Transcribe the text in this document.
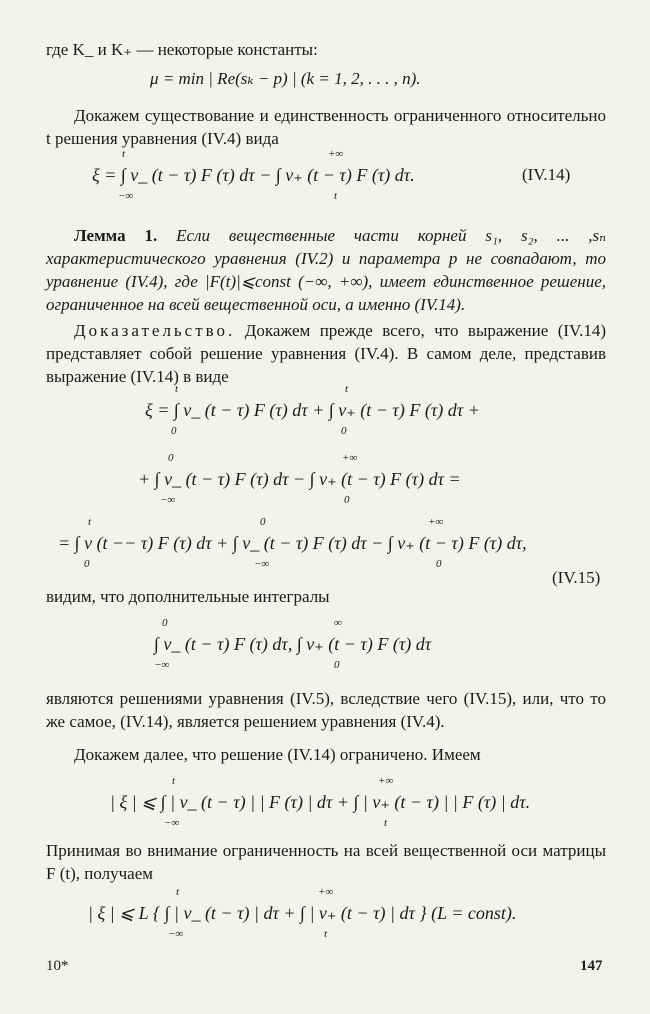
где K_ и K₊ — некоторые константы:
μ = min | Re(sₖ − p) | (k = 1, 2, . . . , n).
Докажем существование и единственность ограниченного относительно t решения уравнения (IV.4) вида
t
−∞
+∞
t
ξ = ∫ v_ (t − τ) F (τ) dτ − ∫ v₊ (t − τ) F (τ) dτ.	(IV.14)
Лемма 1. Если вещественные части корней s₁, s₂, ... ,sₙ характеристического уравнения (IV.2) и параметра p не совпадают, то уравнение (IV.4), где |F(t)|⩽const (−∞, +∞), имеет единственное решение, ограниченное на всей вещественной оси, а именно (IV.14).
Доказательство. Докажем прежде всего, что выражение (IV.14) представляет собой решение уравнения (IV.4). В самом деле, представив выражение (IV.14) в виде
t
0
t
0
ξ = ∫ v_ (t − τ) F (τ) dτ + ∫ v₊ (t − τ) F (τ) dτ +
0
−∞
+∞
0
+ ∫ v_ (t − τ) F (τ) dτ − ∫ v₊ (t − τ) F (τ) dτ =
t
0
0
−∞
+∞
0
= ∫ v (t −− τ) F (τ) dτ + ∫ v_ (t − τ) F (τ) dτ − ∫ v₊ (t − τ) F (τ) dτ,
(IV.15)
видим, что дополнительные интегралы
0
−∞
∞
0
∫ v_ (t − τ) F (τ) dτ, ∫ v₊ (t − τ) F (τ) dτ
являются решениями уравнения (IV.5), вследствие чего (IV.15), или, что то же самое, (IV.14), является решением уравнения (IV.4).
Докажем далее, что решение (IV.14) ограничено. Имеем
t
−∞
+∞
t
| ξ | ⩽ ∫ | v_ (t − τ) | | F (τ) | dτ + ∫ | v₊ (t − τ) | | F (τ) | dτ.
Принимая во внимание ограниченность на всей вещественной оси матрицы F (t), получаем
t
−∞
+∞
t
| ξ | ⩽ L { ∫ | v_ (t − τ) | dτ + ∫ | v₊ (t − τ) | dτ } (L = const).
10*	147
